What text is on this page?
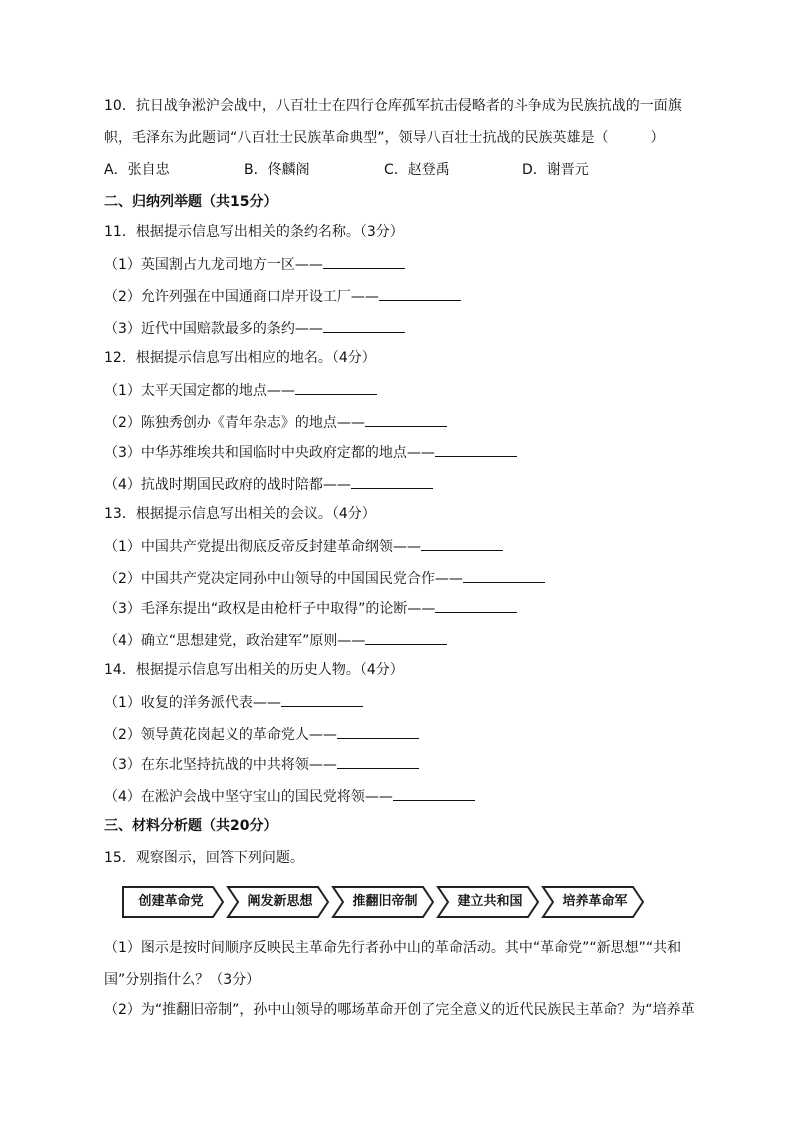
10．抗日战争淞沪会战中，八百壮士在四行仓库孤军抗击侵略者的斗争成为民族抗战的一面旗
帜，毛泽东为此题词“八百壮士民族革命典型”，领导八百壮士抗战的民族英雄是（　　　）
A．张自忠	B．佟麟阁	C．赵登禹	D．谢晋元
二、归纳列举题（共15分）
11．根据提示信息写出相关的条约名称。（3分）
（1）英国割占九龙司地方一区——
（2）允许列强在中国通商口岸开设工厂——
（3）近代中国赔款最多的条约——
12．根据提示信息写出相应的地名。（4分）
（1）太平天国定都的地点——
（2）陈独秀创办《青年杂志》的地点——
（3）中华苏维埃共和国临时中央政府定都的地点——
（4）抗战时期国民政府的战时陪都——
13．根据提示信息写出相关的会议。（4分）
（1）中国共产党提出彻底反帝反封建革命纲领——
（2）中国共产党决定同孙中山领导的中国国民党合作——
（3）毛泽东提出“政权是由枪杆子中取得”的论断——
（4）确立“思想建党，政治建军”原则——
14．根据提示信息写出相关的历史人物。（4分）
（1）收复的洋务派代表——
（2）领导黄花岗起义的革命党人——
（3）在东北坚持抗战的中共将领——
（4）在淞沪会战中坚守宝山的国民党将领——
三、材料分析题（共20分）
15．观察图示，回答下列问题。
创建革命党	阐发新思想	推翻旧帝制	建立共和国	培养革命军
（1）图示是按时间顺序反映民主革命先行者孙中山的革命活动。其中“革命党”“新思想”“共和
国”分别指什么？（3分）
（2）为“推翻旧帝制”，孙中山领导的哪场革命开创了完全意义的近代民族民主革命？为“培养革
